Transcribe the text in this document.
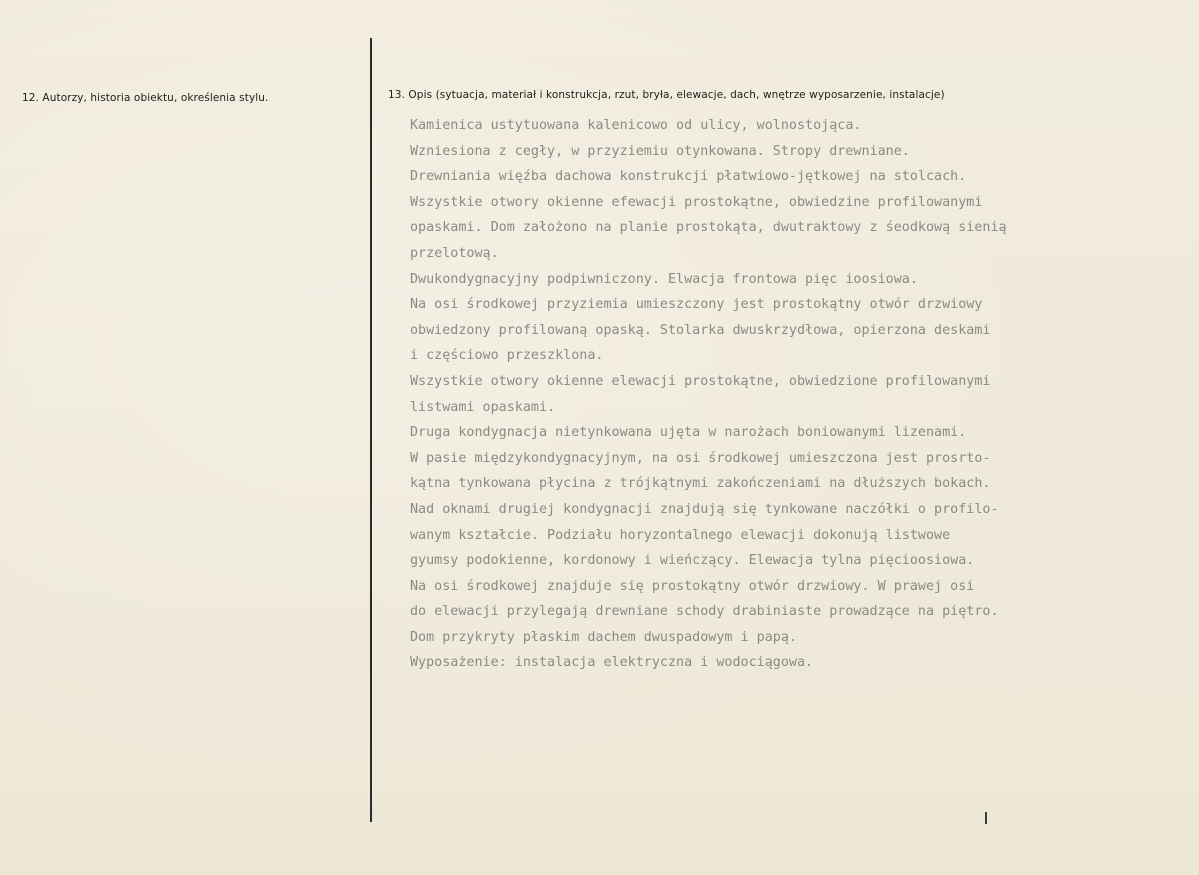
12. Autorzy, historia obiektu, określenia stylu.	13. Opis (sytuacja, materiał i konstrukcja, rzut, bryła, elewacje, dach, wnętrze wyposarzenie, instalacje)
Kamienica ustytuowana kalenicowo od ulicy, wolnostojąca.
Wzniesiona z cegły, w przyziemiu otynkowana. Stropy drewniane.
Drewniania więźba dachowa konstrukcji płatwiowo-jętkowej na stolcach.
Wszystkie otwory okienne efewacji prostokątne, obwiedzine profilowanymi
opaskami. Dom założono na planie prostokąta, dwutraktowy z śeodkową sienią
przelotową.
Dwukondygnacyjny podpiwniczony. Elwacja frontowa pięc ioosiowa.
Na osi środkowej przyziemia umieszczony jest prostokątny otwór drzwiowy
obwiedzony profilowaną opaską. Stolarka dwuskrzydłowa, opierzona deskami
i częściowo przeszklona.
Wszystkie otwory okienne elewacji prostokątne, obwiedzione profilowanymi
listwami opaskami.
Druga kondygnacja nietynkowana ujęta w narożach boniowanymi lizenami.
W pasie międzykondygnacyjnym, na osi środkowej umieszczona jest prosrto-
kątna tynkowana płycina z trójkątnymi zakończeniami na dłuższych bokach.
Nad oknami drugiej kondygnacji znajdują się tynkowane naczółki o profilo-
wanym kształcie. Podziału horyzontalnego elewacji dokonują listwowe
gyumsy podokienne, kordonowy i wieńczący. Elewacja tylna pięcioosiowa.
Na osi środkowej znajduje się prostokątny otwór drzwiowy. W prawej osi
do elewacji przylegają drewniane schody drabiniaste prowadzące na piętro.
Dom przykryty płaskim dachem dwuspadowym i papą.
Wyposażenie: instalacja elektryczna i wodociągowa.
